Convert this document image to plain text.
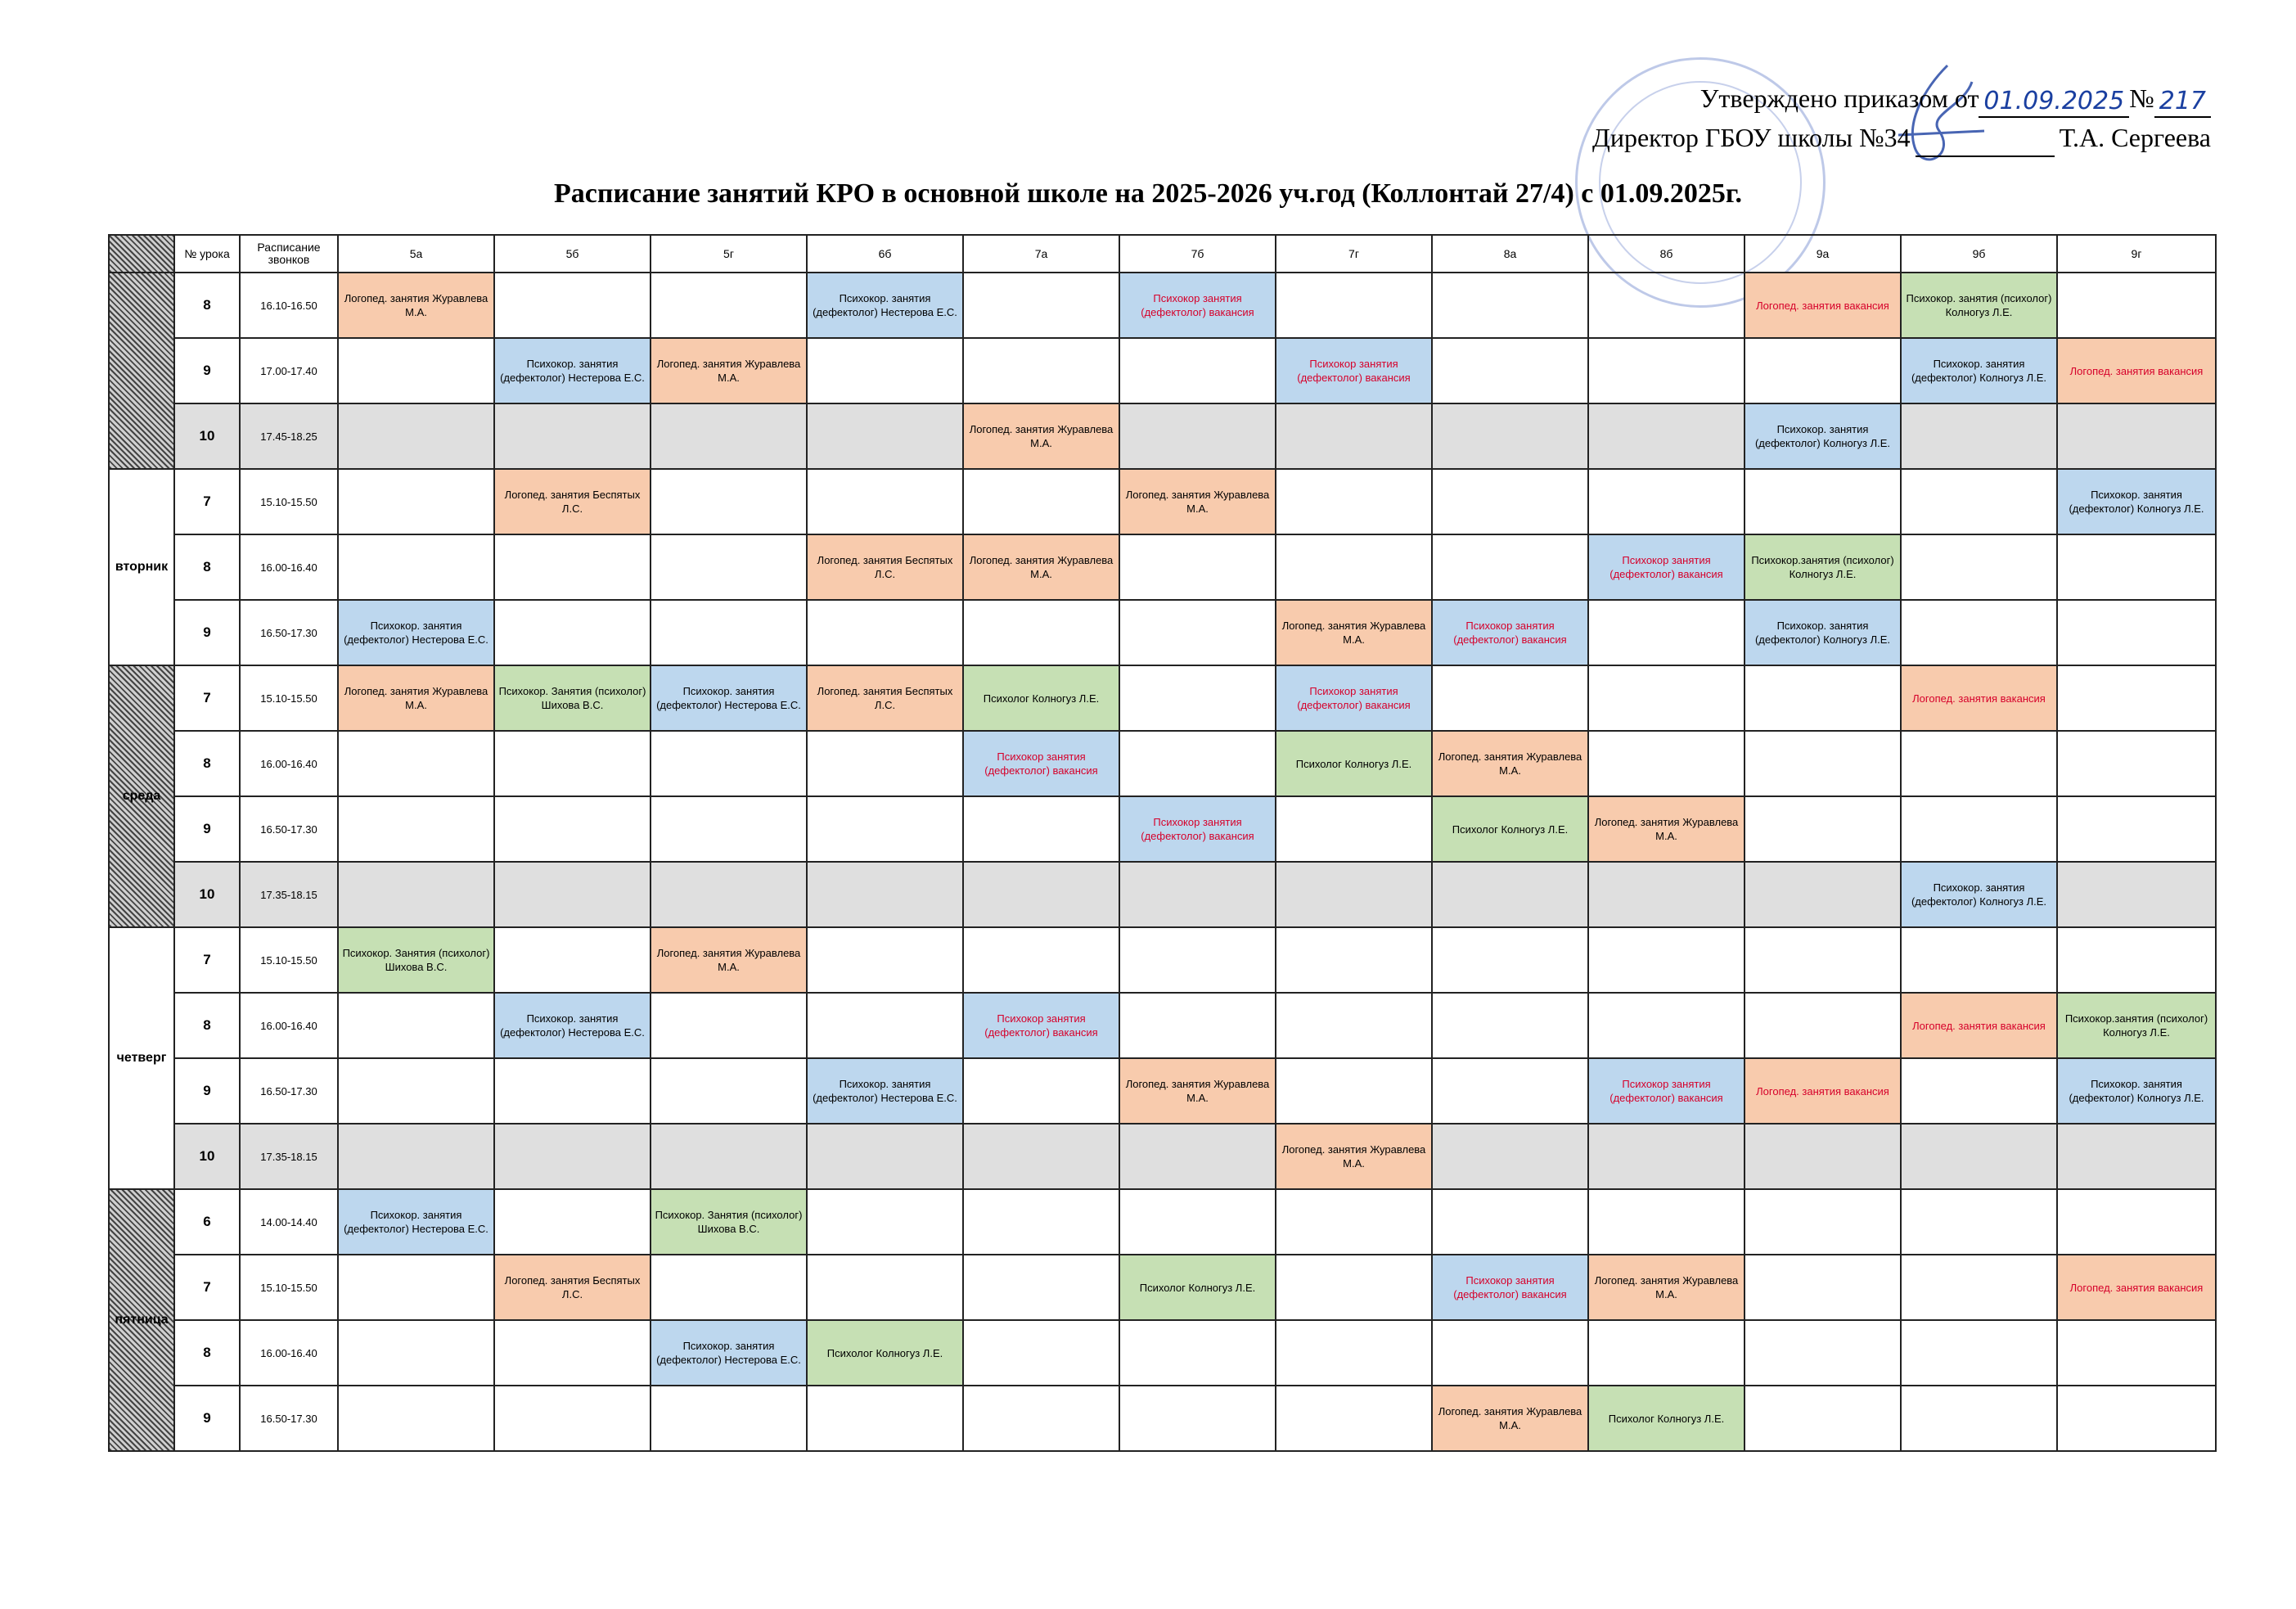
Утверждено приказом от 01.09.2025 № 217
Директор ГБОУ школы №34	Т.А. Сергеева
Расписание занятий КРО в основной школе на 2025-2026 уч.год (Коллонтай 27/4) с 01.09.2025г.
	№ урока	Расписание звонков	5а	5б	5г	6б	7а	7б	7г	8а	8б	9а	9б	9г
	8	16.10-16.50	Логопед. занятия Журавлева М.А.			Психокор. занятия (дефектолог) Нестерова Е.С.		Психокор занятия (дефектолог) вакансия				Логопед. занятия вакансия	Психокор. занятия (психолог) Колногуз Л.Е.	
	9	17.00-17.40		Психокор. занятия (дефектолог) Нестерова Е.С.	Логопед. занятия Журавлева М.А.				Психокор занятия (дефектолог) вакансия				Психокор. занятия (дефектолог) Колногуз Л.Е.	Логопед. занятия вакансия
	10	17.45-18.25					Логопед. занятия Журавлева М.А.					Психокор. занятия (дефектолог) Колногуз Л.Е.		
вторник	7	15.10-15.50		Логопед. занятия Беспятых Л.С.				Логопед. занятия Журавлева М.А.						Психокор. занятия (дефектолог) Колногуз Л.Е.
	8	16.00-16.40				Логопед. занятия Беспятых Л.С.	Логопед. занятия Журавлева М.А.				Психокор занятия (дефектолог) вакансия	Психокор.занятия (психолог) Колногуз Л.Е.		
	9	16.50-17.30	Психокор. занятия (дефектолог) Нестерова Е.С.						Логопед. занятия Журавлева М.А.	Психокор занятия (дефектолог) вакансия		Психокор. занятия (дефектолог) Колногуз Л.Е.		
среда	7	15.10-15.50	Логопед. занятия Журавлева М.А.	Психокор. Занятия (психолог) Шихова В.С.	Психокор. занятия (дефектолог) Нестерова Е.С.	Логопед. занятия Беспятых Л.С.	Психолог Колногуз Л.Е.		Психокор занятия (дефектолог) вакансия				Логопед. занятия вакансия	
	8	16.00-16.40					Психокор занятия (дефектолог) вакансия		Психолог Колногуз Л.Е.	Логопед. занятия Журавлева М.А.				
	9	16.50-17.30						Психокор занятия (дефектолог) вакансия		Психолог Колногуз Л.Е.	Логопед. занятия Журавлева М.А.			
	10	17.35-18.15											Психокор. занятия (дефектолог) Колногуз Л.Е.	
четверг	7	15.10-15.50	Психокор. Занятия (психолог) Шихова В.С.		Логопед. занятия Журавлева М.А.									
	8	16.00-16.40		Психокор. занятия (дефектолог) Нестерова Е.С.			Психокор занятия (дефектолог) вакансия						Логопед. занятия вакансия	Психокор.занятия (психолог) Колногуз Л.Е.
	9	16.50-17.30				Психокор. занятия (дефектолог) Нестерова Е.С.		Логопед. занятия Журавлева М.А.			Психокор занятия (дефектолог) вакансия	Логопед. занятия вакансия		Психокор. занятия (дефектолог) Колногуз Л.Е.
	10	17.35-18.15							Логопед. занятия Журавлева М.А.					
пятница	6	14.00-14.40	Психокор. занятия (дефектолог) Нестерова Е.С.		Психокор. Занятия (психолог) Шихова В.С.									
	7	15.10-15.50		Логопед. занятия Беспятых Л.С.				Психолог Колногуз Л.Е.		Психокор занятия (дефектолог) вакансия	Логопед. занятия Журавлева М.А.			Логопед. занятия вакансия
	8	16.00-16.40			Психокор. занятия (дефектолог) Нестерова Е.С.	Психолог Колногуз Л.Е.								
	9	16.50-17.30								Логопед. занятия Журавлева М.А.	Психолог Колногуз Л.Е.			
